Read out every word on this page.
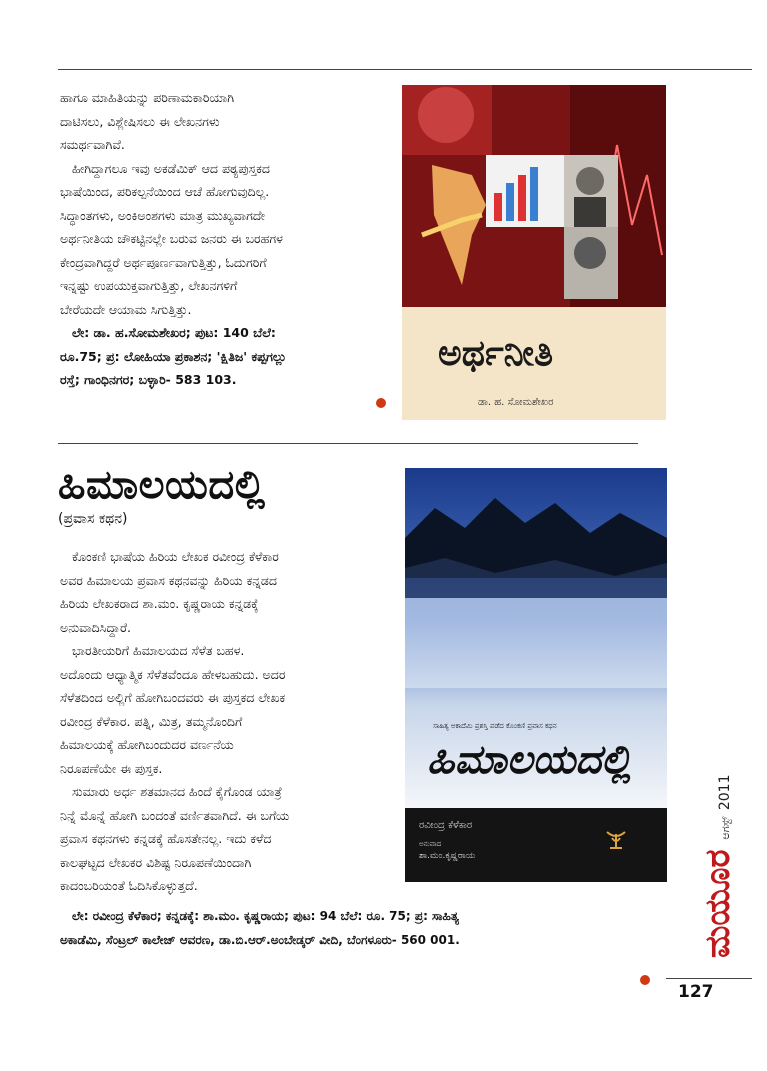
ಹಾಗೂ ಮಾಹಿತಿಯನ್ನು ಪರಿಣಾಮಕಾರಿಯಾಗಿ
ದಾಟಿಸಲು, ವಿಶ್ಲೇಷಿಸಲು ಈ ಲೇಖನಗಳು
ಸಮರ್ಥವಾಗಿವೆ.

ಹೀಗಿದ್ದಾಗಲೂ ಇವು ಅಕಡೆಮಿಕ್ ಆದ ಪಠ್ಯಪುಸ್ತಕದ
ಭಾಷೆಯಿಂದ, ಪರಿಕಲ್ಪನೆಯಿಂದ ಆಚೆ ಹೋಗುವುದಿಲ್ಲ.
ಸಿದ್ಧಾಂತಗಳು, ಅಂಕಿಅಂಶಗಳು ಮಾತ್ರ ಮುಖ್ಯವಾಗದೇ
ಅರ್ಥನೀತಿಯ ಚೌಕಟ್ಟಿನಲ್ಲೇ ಬರುವ ಜನರು ಈ ಬರಹಗಳ
ಕೇಂದ್ರವಾಗಿದ್ದರೆ ಅರ್ಥಪೂರ್ಣವಾಗುತ್ತಿತ್ತು, ಓದುಗರಿಗೆ
ಇನ್ನಷ್ಟು ಉಪಯುಕ್ತವಾಗುತ್ತಿತ್ತು, ಲೇಖನಗಳಿಗೆ
ಬೇರೆಯದೇ ಆಯಾಮ ಸಿಗುತ್ತಿತ್ತು.

ಲೇ: ಡಾ. ಹ.ಸೋಮಶೇಖರ; ಪುಟ: 140 ಬೆಲೆ:
ರೂ.75; ಪ್ರ: ಲೋಹಿಯಾ ಪ್ರಕಾಶನ; 'ಕ್ಷಿತಿಜ' ಕಪ್ಪಗಲ್ಲು
ರಸ್ತೆ; ಗಾಂಧಿನಗರ; ಬಳ್ಳಾರಿ- 583 103.

ಅರ್ಥನೀತಿ
ಡಾ. ಹ. ಸೋಮಶೇಖರ
ಹಿಮಾಲಯದಲ್ಲಿ
(ಪ್ರವಾಸ ಕಥನ)

ಕೊಂಕಣಿ ಭಾಷೆಯ ಹಿರಿಯ ಲೇಖಕ ರವೀಂದ್ರ ಕೆಳೆಕಾರ
ಅವರ ಹಿಮಾಲಯ ಪ್ರವಾಸ ಕಥನವನ್ನು ಹಿರಿಯ ಕನ್ನಡದ
ಹಿರಿಯ ಲೇಖಕರಾದ ಶಾ.ಮಂ. ಕೃಷ್ಣರಾಯ ಕನ್ನಡಕ್ಕೆ
ಅನುವಾದಿಸಿದ್ದಾರೆ.

ಭಾರತೀಯರಿಗೆ ಹಿಮಾಲಯದ ಸೆಳೆತ ಬಹಳ.
ಅದೊಂದು ಆಧ್ಯಾತ್ಮಿಕ ಸೆಳೆತವೆಂದೂ ಹೇಳಬಹುದು. ಅದರ
ಸೆಳೆತದಿಂದ ಅಲ್ಲಿಗೆ ಹೋಗಿಬಂದವರು ಈ ಪುಸ್ತಕದ ಲೇಖಕ
ರವೀಂದ್ರ ಕೆಳೆಕಾರ. ಪತ್ನಿ, ಮಿತ್ರ, ತಮ್ಮನೊಂದಿಗೆ
ಹಿಮಾಲಯಕ್ಕೆ ಹೋಗಿಬಂದುದರ ವರ್ಣನೆಯ
ನಿರೂಪಣೆಯೇ ಈ ಪುಸ್ತಕ.

ಸುಮಾರು ಅರ್ಧ ಶತಮಾನದ ಹಿಂದೆ ಕೈಗೊಂಡ ಯಾತ್ರೆ
ನಿನ್ನೆ ಮೊನ್ನೆ ಹೋಗಿ ಬಂದಂತೆ ವರ್ಣಿತವಾಗಿದೆ. ಈ ಬಗೆಯ
ಪ್ರವಾಸ ಕಥನಗಳು ಕನ್ನಡಕ್ಕೆ ಹೊಸತೇನಲ್ಲ. ಇದು ಕಳೆದ
ಕಾಲಘಟ್ಟದ ಲೇಖಕರ ವಿಶಿಷ್ಟ ನಿರೂಪಣೆಯಿಂದಾಗಿ
ಕಾದಂಬರಿಯಂತೆ ಓದಿಸಿಕೊಳ್ಳುತ್ತದೆ.

ಲೇ: ರವೀಂದ್ರ ಕೆಳೆಕಾರ; ಕನ್ನಡಕ್ಕೆ: ಶಾ.ಮಂ. ಕೃಷ್ಣರಾಯ; ಪುಟ: 94 ಬೆಲೆ: ರೂ. 75; ಪ್ರ: ಸಾಹಿತ್ಯ
ಅಕಾಡೆಮಿ, ಸೆಂಟ್ರಲ್ ಕಾಲೇಜ್ ಆವರಣ, ಡಾ.ಬಿ.ಆರ್.ಅಂಬೇಡ್ಕರ್ ವೀದಿ, ಬೆಂಗಳೂರು- 560 001.

ಸಾಹಿತ್ಯ ಅಕಾದೆಮಿ ಪ್ರಶಸ್ತಿ ಪಡೆದ ಕೊಂಕಣಿ ಪ್ರವಾಸ ಕಥನ
ಹಿಮಾಲಯದಲ್ಲಿ
ರವೀಂದ್ರ ಕೆಳೆಕಾರ
ಅನುವಾದ
ಶಾ.ಮಂ.ಕೃಷ್ಣರಾಯ	ಮಯೂರಆಗಸ್ಟ್2011
127
